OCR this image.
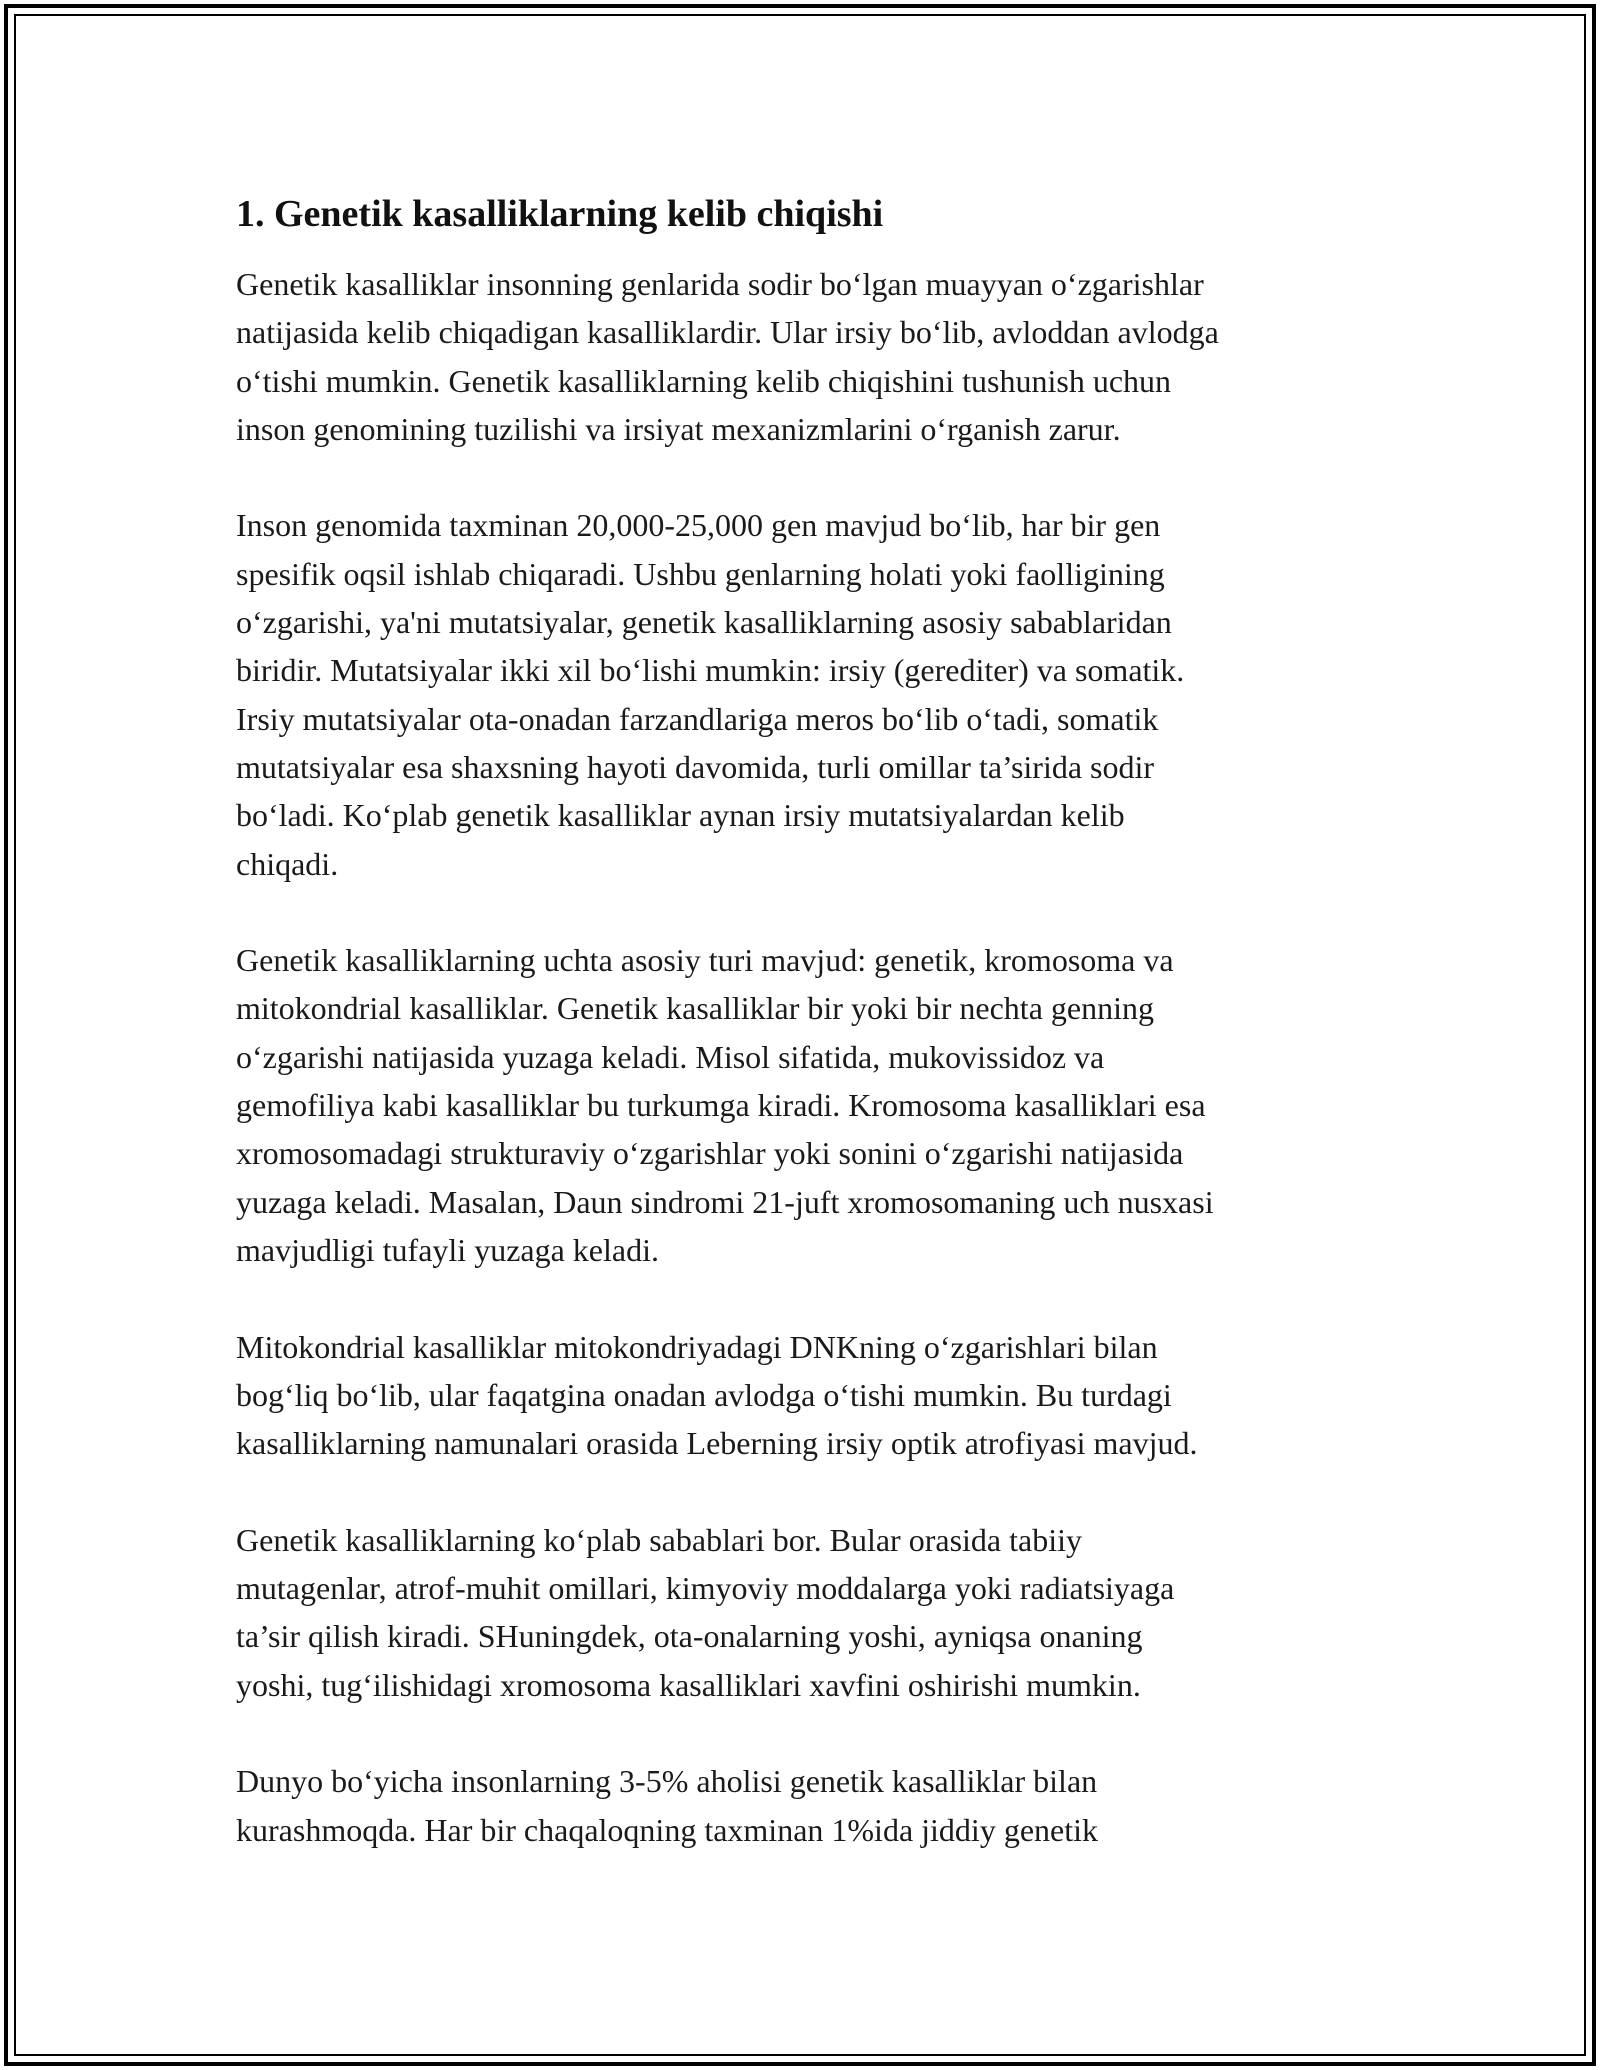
1. Genetik kasalliklarning kelib chiqishi

Genetik kasalliklar insonning genlarida sodir bo‘lgan muayyan o‘zgarishlar
natijasida kelib chiqadigan kasalliklardir. Ular irsiy bo‘lib, avloddan avlodga
o‘tishi mumkin. Genetik kasalliklarning kelib chiqishini tushunish uchun
inson genomining tuzilishi va irsiyat mexanizmlarini o‘rganish zarur.

Inson genomida taxminan 20,000-25,000 gen mavjud bo‘lib, har bir gen
spesifik oqsil ishlab chiqaradi. Ushbu genlarning holati yoki faolligining
o‘zgarishi, ya'ni mutatsiyalar, genetik kasalliklarning asosiy sabablaridan
biridir. Mutatsiyalar ikki xil bo‘lishi mumkin: irsiy (gerediter) va somatik.
Irsiy mutatsiyalar ota-onadan farzandlariga meros bo‘lib o‘tadi, somatik
mutatsiyalar esa shaxsning hayoti davomida, turli omillar ta’sirida sodir
bo‘ladi. Ko‘plab genetik kasalliklar aynan irsiy mutatsiyalardan kelib
chiqadi.

Genetik kasalliklarning uchta asosiy turi mavjud: genetik, kromosoma va
mitokondrial kasalliklar. Genetik kasalliklar bir yoki bir nechta genning
o‘zgarishi natijasida yuzaga keladi. Misol sifatida, mukovissidoz va
gemofiliya kabi kasalliklar bu turkumga kiradi. Kromosoma kasalliklari esa
xromosomadagi strukturaviy o‘zgarishlar yoki sonini o‘zgarishi natijasida
yuzaga keladi. Masalan, Daun sindromi 21-juft xromosomaning uch nusxasi
mavjudligi tufayli yuzaga keladi.

Mitokondrial kasalliklar mitokondriyadagi DNKning o‘zgarishlari bilan
bog‘liq bo‘lib, ular faqatgina onadan avlodga o‘tishi mumkin. Bu turdagi
kasalliklarning namunalari orasida Leberning irsiy optik atrofiyasi mavjud.

Genetik kasalliklarning ko‘plab sabablari bor. Bular orasida tabiiy
mutagenlar, atrof-muhit omillari, kimyoviy moddalarga yoki radiatsiyaga
ta’sir qilish kiradi. SHuningdek, ota-onalarning yoshi, ayniqsa onaning
yoshi, tug‘ilishidagi xromosoma kasalliklari xavfini oshirishi mumkin.

Dunyo bo‘yicha insonlarning 3-5% aholisi genetik kasalliklar bilan
kurashmoqda. Har bir chaqaloqning taxminan 1%ida jiddiy genetik
